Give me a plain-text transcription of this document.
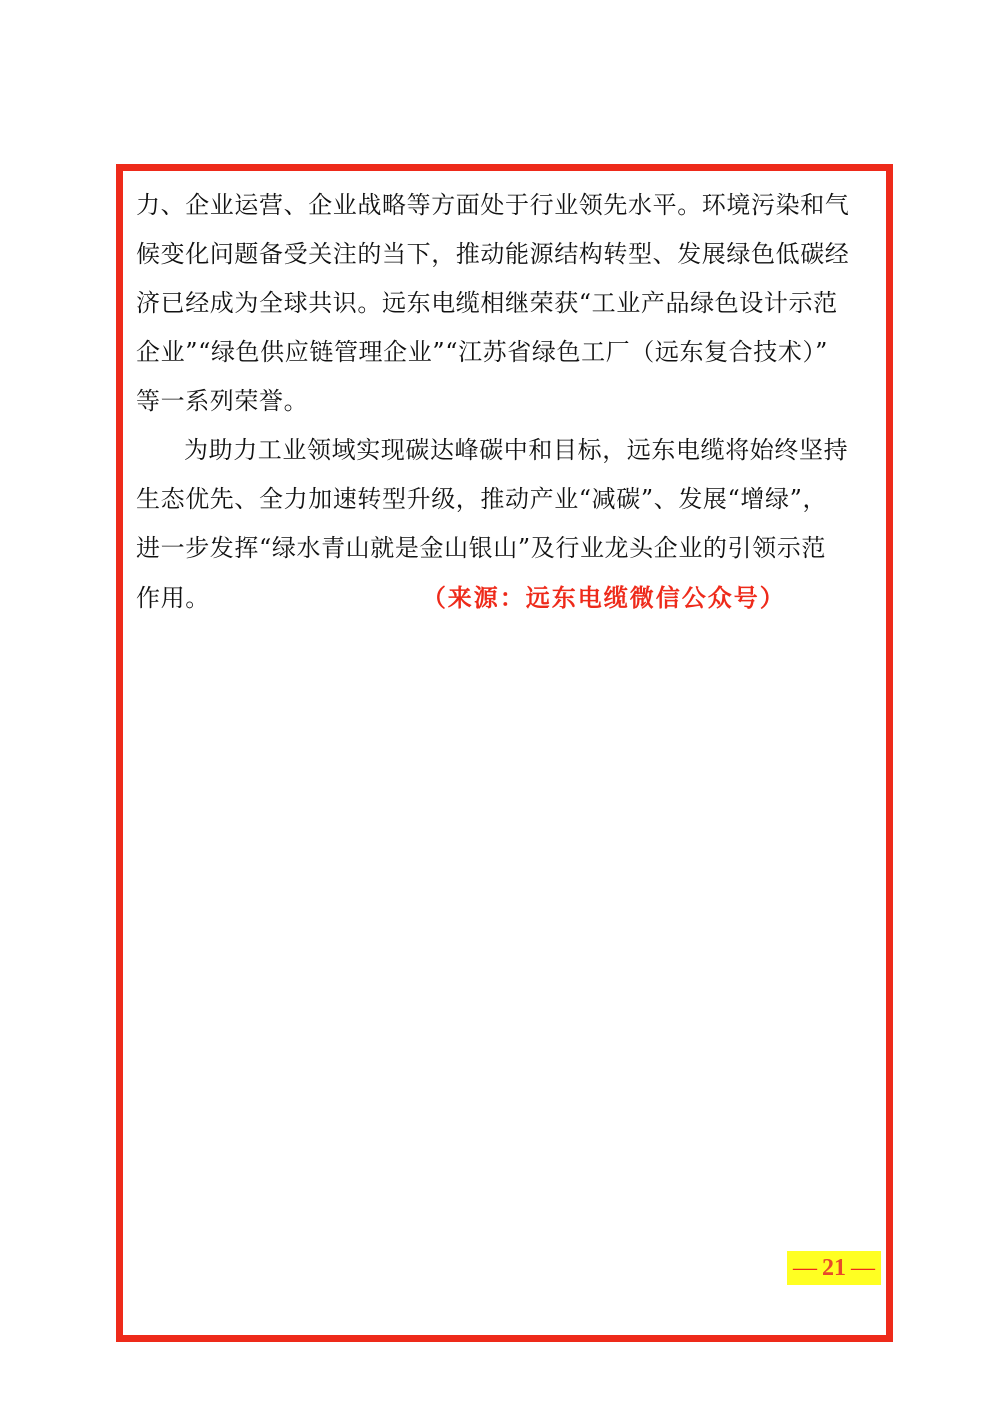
力、企业运营、企业战略等方面处于行业领先水平。环境污染和气
候变化问题备受关注的当下，推动能源结构转型、发展绿色低碳经
济已经成为全球共识。远东电缆相继荣获“工业产品绿色设计示范
企业”“绿色供应链管理企业”“江苏省绿色工厂（远东复合技术）”
等一系列荣誉。

为助力工业领域实现碳达峰碳中和目标，远东电缆将始终坚持
生态优先、全力加速转型升级，推动产业“减碳”、发展“增绿”，
进一步发挥“绿水青山就是金山银山”及行业龙头企业的引领示范
作用。	（来源：远东电缆微信公众号）

— 21 —
